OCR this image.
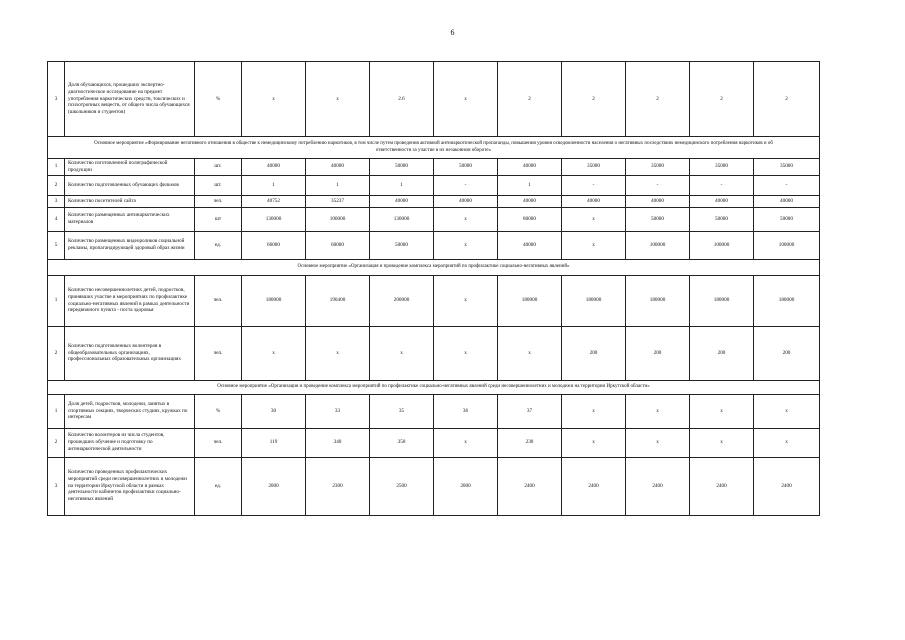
6
3	Доля обучающихся, прошедших экспертно-диагностическое исследование на предмет употребления наркотических средств, токсических и психотропных веществ, от общего числа обучающихся (школьников и студентов)	%	х	х	2.6	х	2	2	2	2	2
Основное мероприятие «Формирование негативного отношения в обществе к немедицинскому потреблению наркотиков, в том числе путем проведения активной антинаркотической пропаганды, повышения уровня осведомленности населения о негативных последствиях немедицинского потребления наркотиков и об ответственности за участие в их незаконном обороте»											
1	Количество изготовленной полиграфической продукции	шт.	40000	40000	50000	50000	40000	35000	35000	35000	35000
2	Количество подготовленных обучающих фильмов	шт.	1	1	1	-	1	-	-	-	-
3	Количество посетителей сайта	чел.	40752	35237	40000	40000	40000	40000	40000	40000	40000
4	Количество размещенных антинаркотических материалов	шт	130000	100000	130000	х	80000	х	50000	50000	50000
5	Количество размещенных видеороликов социальной рекламы, пропагандирующей здоровый образ жизни	ед.	66000	60000	50000	х	40000	х	100000	100000	100000
Основное мероприятие «Организация и проведение комплекса мероприятий по профилактике социально-негативных явлений»											
1	Количество несовершеннолетних детей, подростков, принявших участие в мероприятиях по профилактике социально-негативных явлений в рамках деятельности передвижного пункта - поста здоровья	чел.	180000	190400	200000	х	180000	180000	180000	180000	180000
2	Количество подготовленных волонтеров в общеобразовательных организациях, профессиональных образовательных организациях	чел.	х	х	х	х	х	200	200	200	200
Основное мероприятие «Организация и проведение комплекса мероприятий по профилактике социально-негативных явлений среди несовершеннолетних и молодежи на территории Иркутской области»											
1	Доля детей, подростков, молодежи, занятых в спортивных секциях, творческих студиях, кружках по интересам	%	30	33	35	36	37	х	х	х	х
2	Количество волонтеров из числа студентов, прошедших обучение и подготовку по антинаркотической деятельности	чел.	119	340	350	х	230	х	х	х	х
3	Количество проведенных профилактических мероприятий среди несовершеннолетних и молодежи на территории Иркутской области в рамках деятельности кабинетов профилактики социально-негативных явлений	ед.	2000	2300	2500	2000	2400	2400	2400	2400	2400
